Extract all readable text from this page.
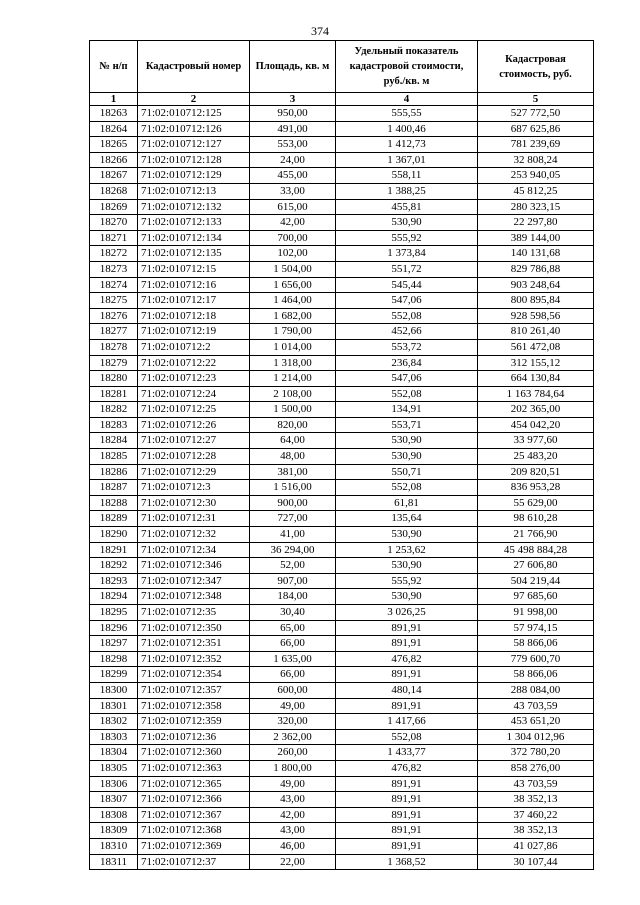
374
№ н/п	Кадастровый номер	Площадь, кв. м	Удельный показатель кадастровой стоимости, руб./кв. м	Кадастровая стоимость, руб.
1	2	3	4	5
18263	71:02:010712:125	950,00	555,55	527 772,50
18264	71:02:010712:126	491,00	1 400,46	687 625,86
18265	71:02:010712:127	553,00	1 412,73	781 239,69
18266	71:02:010712:128	24,00	1 367,01	32 808,24
18267	71:02:010712:129	455,00	558,11	253 940,05
18268	71:02:010712:13	33,00	1 388,25	45 812,25
18269	71:02:010712:132	615,00	455,81	280 323,15
18270	71:02:010712:133	42,00	530,90	22 297,80
18271	71:02:010712:134	700,00	555,92	389 144,00
18272	71:02:010712:135	102,00	1 373,84	140 131,68
18273	71:02:010712:15	1 504,00	551,72	829 786,88
18274	71:02:010712:16	1 656,00	545,44	903 248,64
18275	71:02:010712:17	1 464,00	547,06	800 895,84
18276	71:02:010712:18	1 682,00	552,08	928 598,56
18277	71:02:010712:19	1 790,00	452,66	810 261,40
18278	71:02:010712:2	1 014,00	553,72	561 472,08
18279	71:02:010712:22	1 318,00	236,84	312 155,12
18280	71:02:010712:23	1 214,00	547,06	664 130,84
18281	71:02:010712:24	2 108,00	552,08	1 163 784,64
18282	71:02:010712:25	1 500,00	134,91	202 365,00
18283	71:02:010712:26	820,00	553,71	454 042,20
18284	71:02:010712:27	64,00	530,90	33 977,60
18285	71:02:010712:28	48,00	530,90	25 483,20
18286	71:02:010712:29	381,00	550,71	209 820,51
18287	71:02:010712:3	1 516,00	552,08	836 953,28
18288	71:02:010712:30	900,00	61,81	55 629,00
18289	71:02:010712:31	727,00	135,64	98 610,28
18290	71:02:010712:32	41,00	530,90	21 766,90
18291	71:02:010712:34	36 294,00	1 253,62	45 498 884,28
18292	71:02:010712:346	52,00	530,90	27 606,80
18293	71:02:010712:347	907,00	555,92	504 219,44
18294	71:02:010712:348	184,00	530,90	97 685,60
18295	71:02:010712:35	30,40	3 026,25	91 998,00
18296	71:02:010712:350	65,00	891,91	57 974,15
18297	71:02:010712:351	66,00	891,91	58 866,06
18298	71:02:010712:352	1 635,00	476,82	779 600,70
18299	71:02:010712:354	66,00	891,91	58 866,06
18300	71:02:010712:357	600,00	480,14	288 084,00
18301	71:02:010712:358	49,00	891,91	43 703,59
18302	71:02:010712:359	320,00	1 417,66	453 651,20
18303	71:02:010712:36	2 362,00	552,08	1 304 012,96
18304	71:02:010712:360	260,00	1 433,77	372 780,20
18305	71:02:010712:363	1 800,00	476,82	858 276,00
18306	71:02:010712:365	49,00	891,91	43 703,59
18307	71:02:010712:366	43,00	891,91	38 352,13
18308	71:02:010712:367	42,00	891,91	37 460,22
18309	71:02:010712:368	43,00	891,91	38 352,13
18310	71:02:010712:369	46,00	891,91	41 027,86
18311	71:02:010712:37	22,00	1 368,52	30 107,44
